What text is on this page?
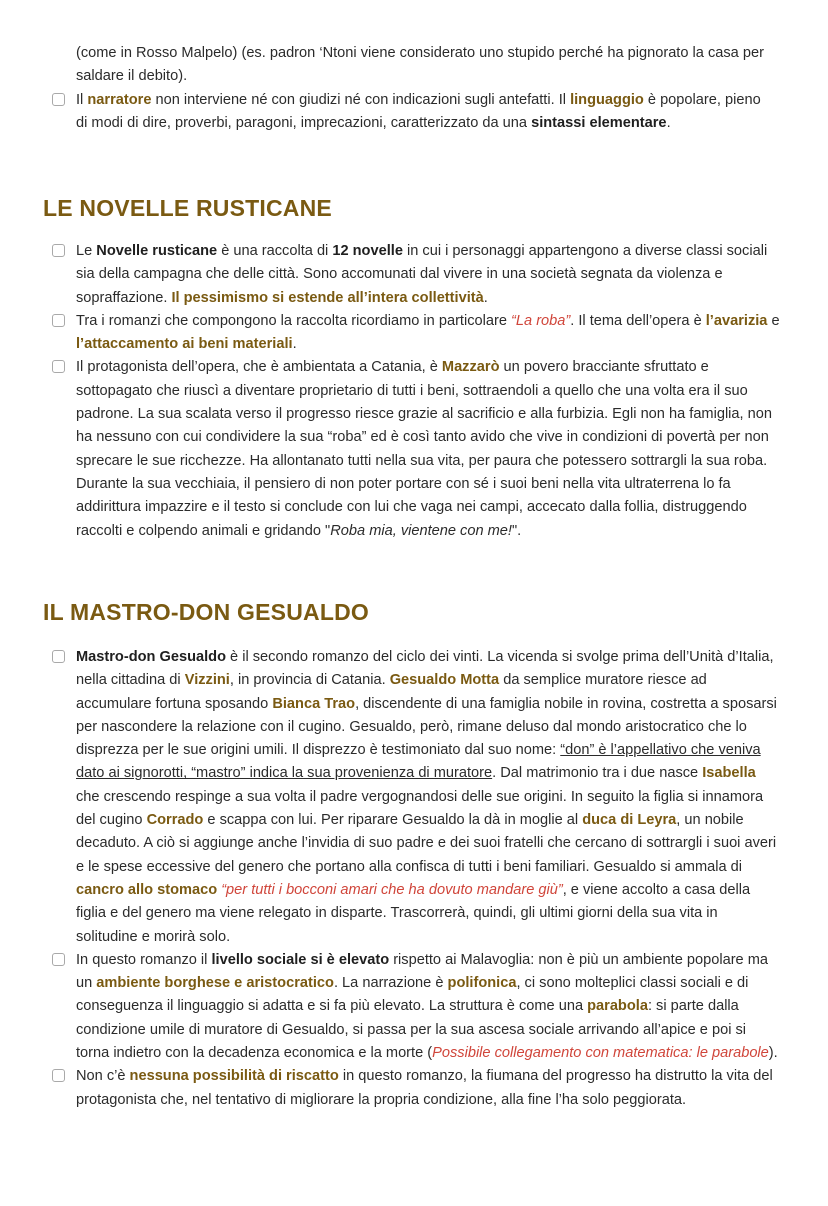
(come in Rosso Malpelo) (es. padron ‘Ntoni viene considerato uno stupido perché ha pignorato la casa per saldare il debito).
Il narratore non interviene né con giudizi né con indicazioni sugli antefatti. Il linguaggio è popolare, pieno di modi di dire, proverbi, paragoni, imprecazioni, caratterizzato da una sintassi elementare.
LE NOVELLE RUSTICANE
Le Novelle rusticane è una raccolta di 12 novelle in cui i personaggi appartengono a diverse classi sociali sia della campagna che delle città. Sono accomunati dal vivere in una società segnata da violenza e sopraffazione. Il pessimismo si estende all’intera collettività.
Tra i romanzi che compongono la raccolta ricordiamo in particolare “La roba”. Il tema dell’opera è l’avarizia e l’attaccamento ai beni materiali.
Il protagonista dell’opera, che è ambientata a Catania, è Mazzarò un povero bracciante sfruttato e sottopagato che riuscì a diventare proprietario di tutti i beni, sottraendoli a quello che una volta era il suo padrone. La sua scalata verso il progresso riesce grazie al sacrificio e alla furbizia. Egli non ha famiglia, non ha nessuno con cui condividere la sua “roba” ed è così tanto avido che vive in condizioni di povertà per non sprecare le sue ricchezze. Ha allontanato tutti nella sua vita, per paura che potessero sottrargli la sua roba. Durante la sua vecchiaia, il pensiero di non poter portare con sé i suoi beni nella vita ultraterrena lo fa addirittura impazzire e il testo si conclude con lui che vaga nei campi, accecato dalla follia, distruggendo raccolti e colpendo animali e gridando "Roba mia, vientene con me!".
IL MASTRO-DON GESUALDO
Mastro-don Gesualdo è il secondo romanzo del ciclo dei vinti. La vicenda si svolge prima dell’Unità d’Italia, nella cittadina di Vizzini, in provincia di Catania. Gesualdo Motta da semplice muratore riesce ad accumulare fortuna sposando Bianca Trao, discendente di una famiglia nobile in rovina, costretta a sposarsi per nascondere la relazione con il cugino. Gesualdo, però, rimane deluso dal mondo aristocratico che lo disprezza per le sue origini umili. Il disprezzo è testimoniato dal suo nome: “don” è l’appellativo che veniva dato ai signorotti, “mastro” indica la sua provenienza di muratore. Dal matrimonio tra i due nasce Isabella che crescendo respinge a sua volta il padre vergognandosi delle sue origini. In seguito la figlia si innamora del cugino Corrado e scappa con lui. Per riparare Gesualdo la dà in moglie al duca di Leyra, un nobile decaduto. A ciò si aggiunge anche l’invidia di suo padre e dei suoi fratelli che cercano di sottrargli i suoi averi e le spese eccessive del genero che portano alla confisca di tutti i beni familiari. Gesualdo si ammala di cancro allo stomaco “per tutti i bocconi amari che ha dovuto mandare giù”, e viene accolto a casa della figlia e del genero ma viene relegato in disparte. Trascorrerà, quindi, gli ultimi giorni della sua vita in solitudine e morirà solo.
In questo romanzo il livello sociale si è elevato rispetto ai Malavoglia: non è più un ambiente popolare ma un ambiente borghese e aristocratico. La narrazione è polifonica, ci sono molteplici classi sociali e di conseguenza il linguaggio si adatta e si fa più elevato. La struttura è come una parabola: si parte dalla condizione umile di muratore di Gesualdo, si passa per la sua ascesa sociale arrivando all’apice e poi si torna indietro con la decadenza economica e la morte (Possibile collegamento con matematica: le parabole).
Non c’è nessuna possibilità di riscatto in questo romanzo, la fiumana del progresso ha distrutto la vita del protagonista che, nel tentativo di migliorare la propria condizione, alla fine l’ha solo peggiorata.
